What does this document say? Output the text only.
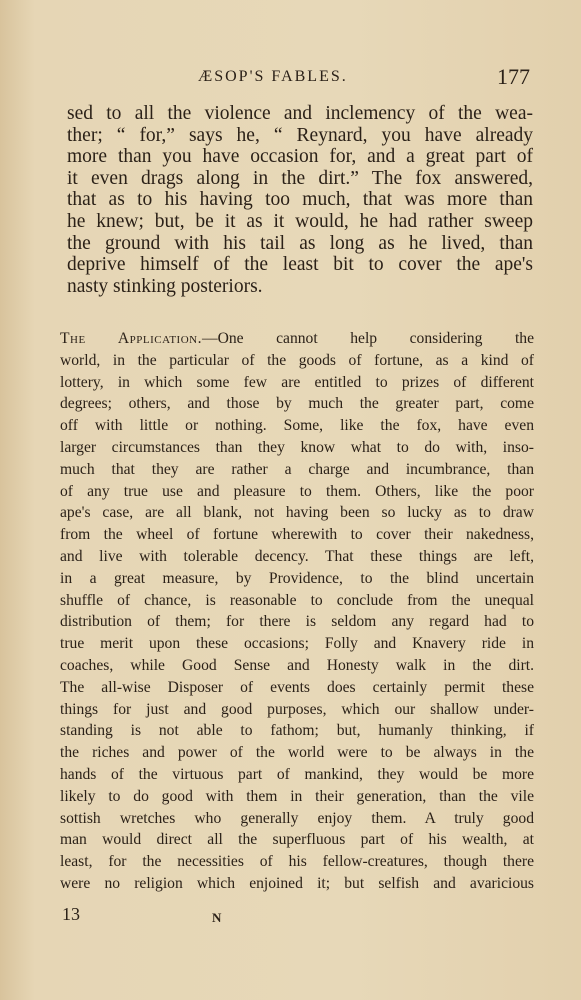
ÆSOP'S FABLES.	177
sed to all the violence and inclemency of the wea-
ther; “ for,” says he, “ Reynard, you have already
more than you have occasion for, and a great part of
it even drags along in the dirt.” The fox answered,
that as to his having too much, that was more than
he knew; but, be it as it would, he had rather sweep
the ground with his tail as long as he lived, than
deprive himself of the least bit to cover the ape's
nasty stinking posteriors.
The Application.—One cannot help considering the
world, in the particular of the goods of fortune, as a kind of
lottery, in which some few are entitled to prizes of different
degrees; others, and those by much the greater part, come
off with little or nothing. Some, like the fox, have even
larger circumstances than they know what to do with, inso-
much that they are rather a charge and incumbrance, than
of any true use and pleasure to them. Others, like the poor
ape's case, are all blank, not having been so lucky as to draw
from the wheel of fortune wherewith to cover their nakedness,
and live with tolerable decency. That these things are left,
in a great measure, by Providence, to the blind uncertain
shuffle of chance, is reasonable to conclude from the unequal
distribution of them; for there is seldom any regard had to
true merit upon these occasions; Folly and Knavery ride in
coaches, while Good Sense and Honesty walk in the dirt.
The all-wise Disposer of events does certainly permit these
things for just and good purposes, which our shallow under-
standing is not able to fathom; but, humanly thinking, if
the riches and power of the world were to be always in the
hands of the virtuous part of mankind, they would be more
likely to do good with them in their generation, than the vile
sottish wretches who generally enjoy them. A truly good
man would direct all the superfluous part of his wealth, at
least, for the necessities of his fellow-creatures, though there
were no religion which enjoined it; but selfish and avaricious
13	N
